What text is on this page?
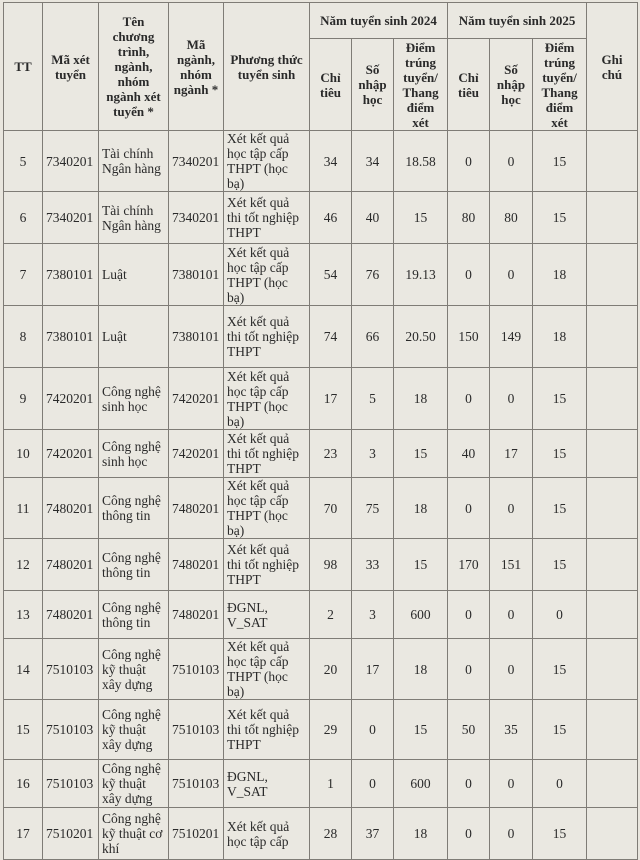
TT	Mã xét tuyển	Tên chương trình, ngành, nhóm ngành xét tuyển *	Mã ngành, nhóm ngành *	Phương thức tuyển sinh	Năm tuyển sinh 2024			Năm tuyển sinh 2025			Ghi chú
					Chỉ tiêu	Số nhập học	Điểm trúng tuyển/ Thang điểm xét	Chỉ tiêu	Số nhập học	Điểm trúng tuyển/ Thang điểm xét	
5	7340201	Tài chính Ngân hàng	7340201	Xét kết quả học tập cấp THPT (học bạ)	34	34	18.58	0	0	15	
6	7340201	Tài chính Ngân hàng	7340201	Xét kết quả thi tốt nghiệp THPT	46	40	15	80	80	15	
7	7380101	Luật	7380101	Xét kết quả học tập cấp THPT (học bạ)	54	76	19.13	0	0	18	
8	7380101	Luật	7380101	Xét kết quả thi tốt nghiệp THPT	74	66	20.50	150	149	18	
9	7420201	Công nghệ sinh học	7420201	Xét kết quả học tập cấp THPT (học bạ)	17	5	18	0	0	15	
10	7420201	Công nghệ sinh học	7420201	Xét kết quả thi tốt nghiệp THPT	23	3	15	40	17	15	
11	7480201	Công nghệ thông tin	7480201	Xét kết quả học tập cấp THPT (học bạ)	70	75	18	0	0	15	
12	7480201	Công nghệ thông tin	7480201	Xét kết quả thi tốt nghiệp THPT	98	33	15	170	151	15	
13	7480201	Công nghệ thông tin	7480201	ĐGNL, V_SAT	2	3	600	0	0	0	
14	7510103	Công nghệ kỹ thuật xây dựng	7510103	Xét kết quả học tập cấp THPT (học bạ)	20	17	18	0	0	15	
15	7510103	Công nghệ kỹ thuật xây dựng	7510103	Xét kết quả thi tốt nghiệp THPT	29	0	15	50	35	15	
16	7510103	Công nghệ kỹ thuật xây dựng	7510103	ĐGNL, V_SAT	1	0	600	0	0	0	
17	7510201	Công nghệ kỹ thuật cơ khí	7510201	Xét kết quả học tập cấp	28	37	18	0	0	15	
